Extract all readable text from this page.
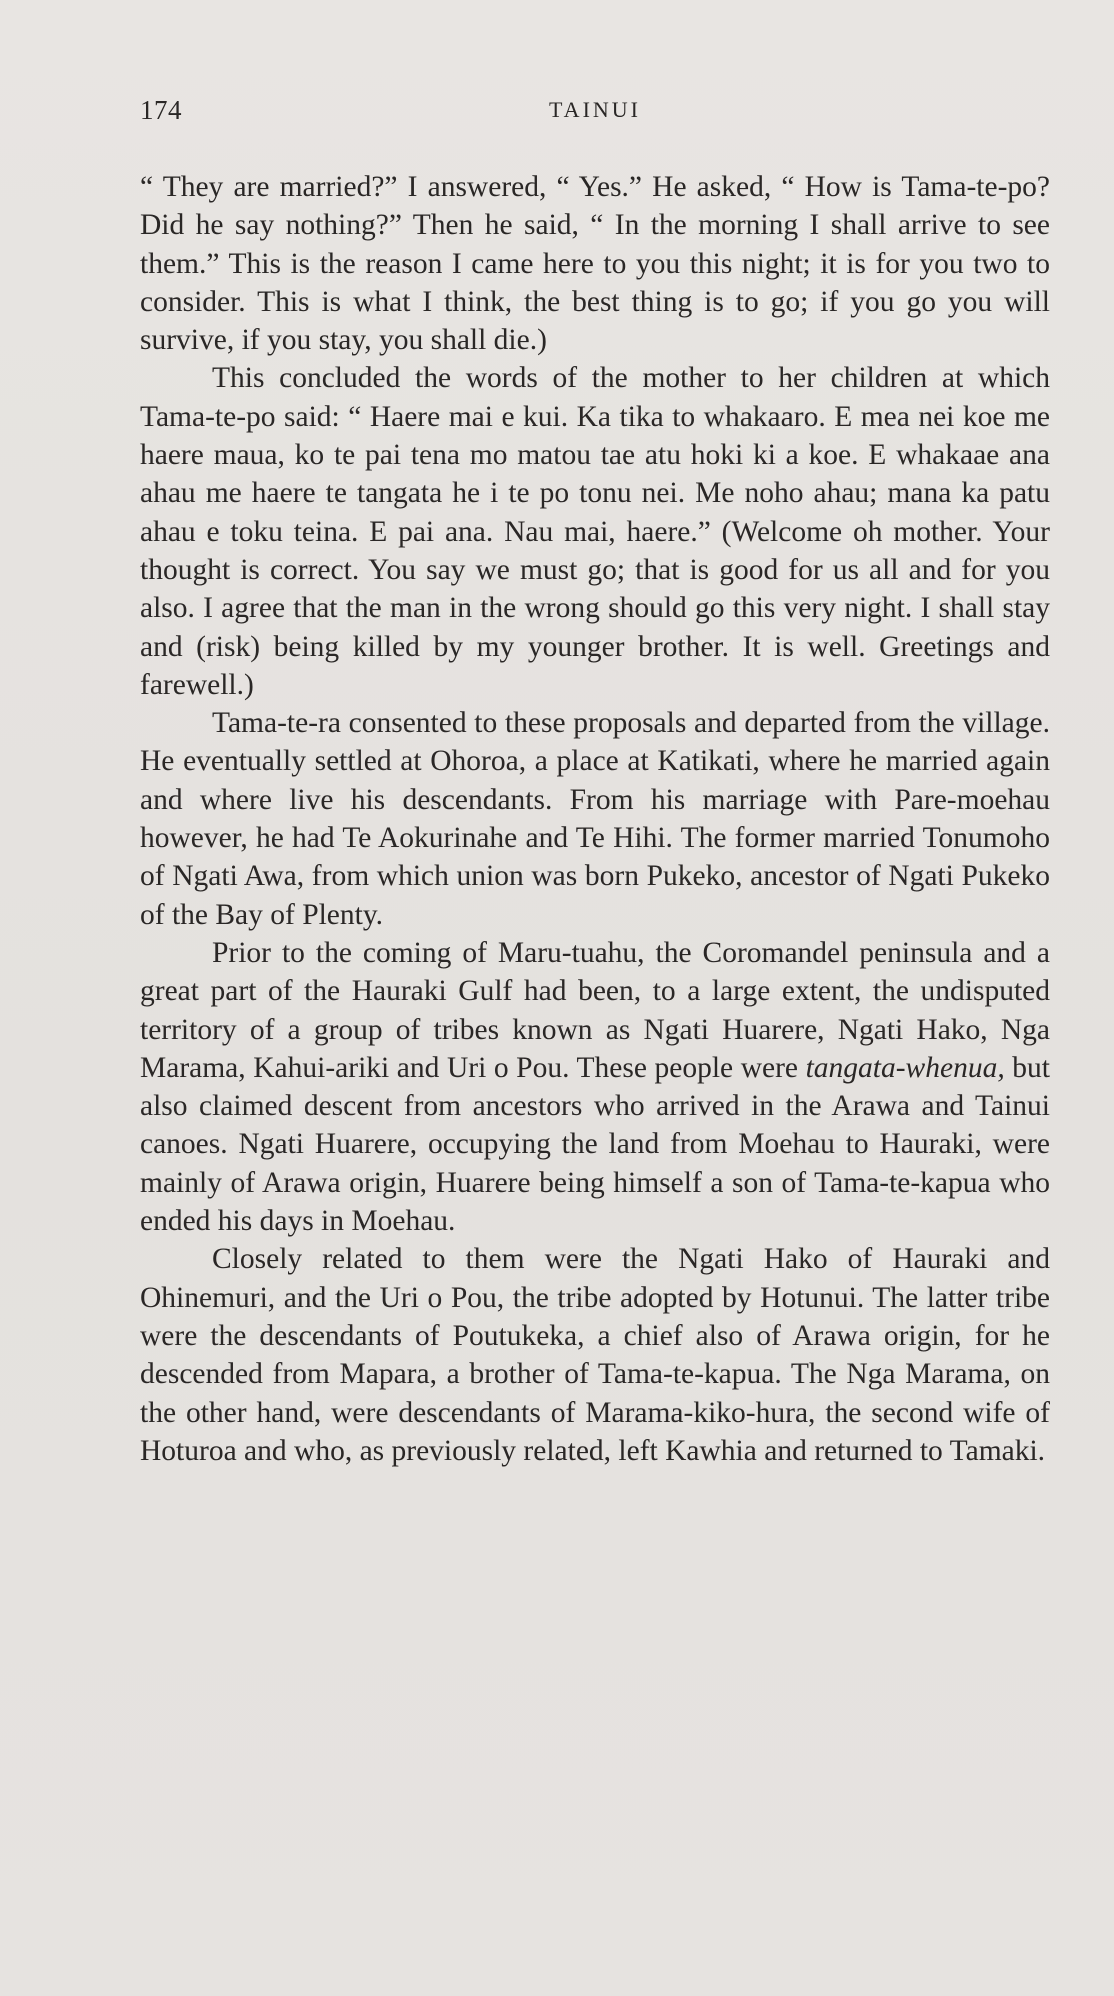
174	TAINUI

“ They are married?” I answered, “ Yes.” He asked, “ How is Tama-te-po? Did he say nothing?” Then he said, “ In the morning I shall arrive to see them.” This is the reason I came here to you this night; it is for you two to consider. This is what I think, the best thing is to go; if you go you will survive, if you stay, you shall die.)

This concluded the words of the mother to her children at which Tama-te-po said: “ Haere mai e kui. Ka tika to whakaaro. E mea nei koe me haere maua, ko te pai tena mo matou tae atu hoki ki a koe. E whakaae ana ahau me haere te tangata he i te po tonu nei. Me noho ahau; mana ka patu ahau e toku teina. E pai ana. Nau mai, haere.” (Welcome oh mother. Your thought is correct. You say we must go; that is good for us all and for you also. I agree that the man in the wrong should go this very night. I shall stay and (risk) being killed by my younger brother. It is well. Greetings and farewell.)

Tama-te-ra consented to these proposals and departed from the village. He eventually settled at Ohoroa, a place at Katikati, where he married again and where live his descendants. From his marriage with Pare-moehau however, he had Te Aokurinahe and Te Hihi. The former married Tonumoho of Ngati Awa, from which union was born Pukeko, ancestor of Ngati Pukeko of the Bay of Plenty.

Prior to the coming of Maru-tuahu, the Coromandel peninsula and a great part of the Hauraki Gulf had been, to a large extent, the undisputed territory of a group of tribes known as Ngati Huarere, Ngati Hako, Nga Marama, Kahui-ariki and Uri o Pou. These people were tangata-whenua, but also claimed descent from ancestors who arrived in the Arawa and Tainui canoes. Ngati Huarere, occupying the land from Moehau to Hauraki, were mainly of Arawa origin, Huarere being himself a son of Tama-te-kapua who ended his days in Moehau.

Closely related to them were the Ngati Hako of Hauraki and Ohinemuri, and the Uri o Pou, the tribe adopted by Hotunui. The latter tribe were the descendants of Poutukeka, a chief also of Arawa origin, for he descended from Mapara, a brother of Tama-te-kapua. The Nga Marama, on the other hand, were descendants of Marama-kiko-hura, the second wife of Hoturoa and who, as previously related, left Kawhia and returned to Tamaki.
